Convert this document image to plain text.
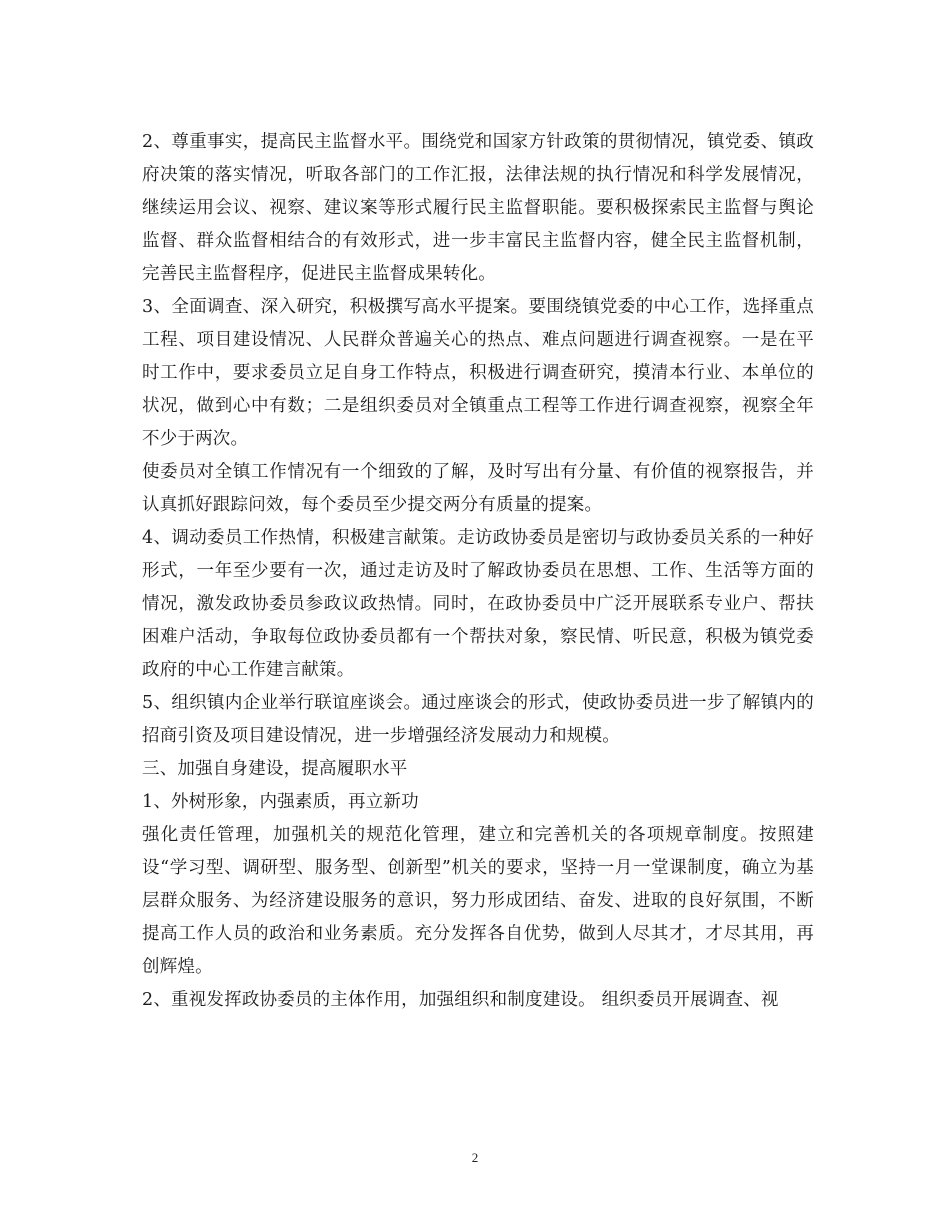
2、尊重事实，提高民主监督水平。围绕党和国家方针政策的贯彻情况，镇党委、镇政府决策的落实情况，听取各部门的工作汇报，法律法规的执行情况和科学发展情况，继续运用会议、视察、建议案等形式履行民主监督职能。要积极探索民主监督与舆论监督、群众监督相结合的有效形式，进一步丰富民主监督内容，健全民主监督机制，完善民主监督程序，促进民主监督成果转化。

3、全面调查、深入研究，积极撰写高水平提案。要围绕镇党委的中心工作，选择重点工程、项目建设情况、人民群众普遍关心的热点、难点问题进行调查视察。一是在平时工作中，要求委员立足自身工作特点，积极进行调查研究，摸清本行业、本单位的状况，做到心中有数；二是组织委员对全镇重点工程等工作进行调查视察，视察全年不少于两次。

使委员对全镇工作情况有一个细致的了解，及时写出有分量、有价值的视察报告，并认真抓好跟踪问效，每个委员至少提交两分有质量的提案。

4、调动委员工作热情，积极建言献策。走访政协委员是密切与政协委员关系的一种好形式，一年至少要有一次，通过走访及时了解政协委员在思想、工作、生活等方面的情况，激发政协委员参政议政热情。同时，在政协委员中广泛开展联系专业户、帮扶困难户活动，争取每位政协委员都有一个帮扶对象，察民情、听民意，积极为镇党委政府的中心工作建言献策。

5、组织镇内企业举行联谊座谈会。通过座谈会的形式，使政协委员进一步了解镇内的招商引资及项目建设情况，进一步增强经济发展动力和规模。

三、加强自身建设，提高履职水平

1、外树形象，内强素质，再立新功

强化责任管理，加强机关的规范化管理，建立和完善机关的各项规章制度。按照建设“学习型、调研型、服务型、创新型”机关的要求，坚持一月一堂课制度，确立为基层群众服务、为经济建设服务的意识，努力形成团结、奋发、进取的良好氛围，不断提高工作人员的政治和业务素质。充分发挥各自优势，做到人尽其才，才尽其用，再创辉煌。

2、重视发挥政协委员的主体作用，加强组织和制度建设。 组织委员开展调查、视

2
